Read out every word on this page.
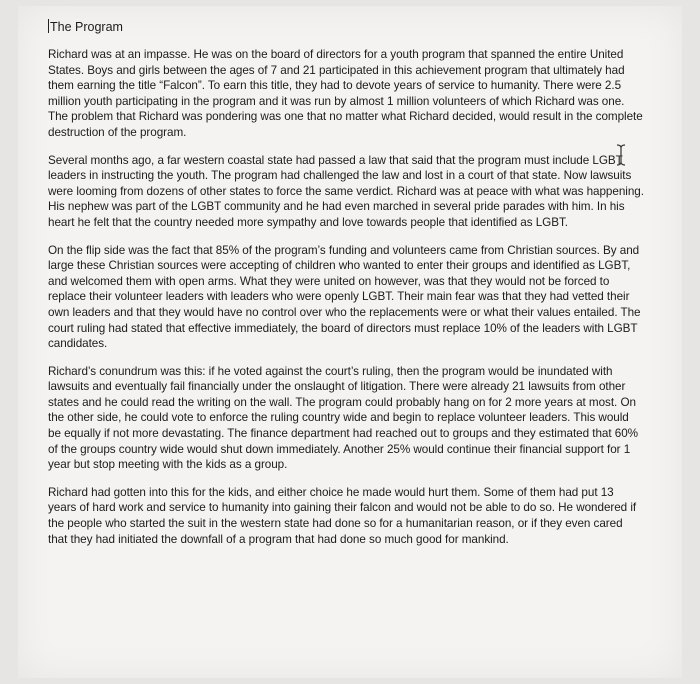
The Program

Richard was at an impasse. He was on the board of directors for a youth program that spanned the entire United States. Boys and girls between the ages of 7 and 21 participated in this achievement program that ultimately had them earning the title “Falcon”. To earn this title, they had to devote years of service to humanity. There were 2.5 million youth participating in the program and it was run by almost 1 million volunteers of which Richard was one. The problem that Richard was pondering was one that no matter what Richard decided, would result in the complete destruction of the program.

Several months ago, a far western coastal state had passed a law that said that the program must include LGBT leaders in instructing the youth. The program had challenged the law and lost in a court of that state. Now lawsuits were looming from dozens of other states to force the same verdict. Richard was at peace with what was happening. His nephew was part of the LGBT community and he had even marched in several pride parades with him. In his heart he felt that the country needed more sympathy and love towards people that identified as LGBT.

On the flip side was the fact that 85% of the program’s funding and volunteers came from Christian sources. By and large these Christian sources were accepting of children who wanted to enter their groups and identified as LGBT, and welcomed them with open arms. What they were united on however, was that they would not be forced to replace their volunteer leaders with leaders who were openly LGBT. Their main fear was that they had vetted their own leaders and that they would have no control over who the replacements were or what their values entailed. The court ruling had stated that effective immediately, the board of directors must replace 10% of the leaders with LGBT candidates.

Richard’s conundrum was this: if he voted against the court’s ruling, then the program would be inundated with lawsuits and eventually fail financially under the onslaught of litigation. There were already 21 lawsuits from other states and he could read the writing on the wall. The program could probably hang on for 2 more years at most. On the other side, he could vote to enforce the ruling country wide and begin to replace volunteer leaders. This would be equally if not more devastating. The finance department had reached out to groups and they estimated that 60% of the groups country wide would shut down immediately. Another 25% would continue their financial support for 1 year but stop meeting with the kids as a group.

Richard had gotten into this for the kids, and either choice he made would hurt them. Some of them had put 13 years of hard work and service to humanity into gaining their falcon and would not be able to do so. He wondered if the people who started the suit in the western state had done so for a humanitarian reason, or if they even cared that they had initiated the downfall of a program that had done so much good for mankind.
